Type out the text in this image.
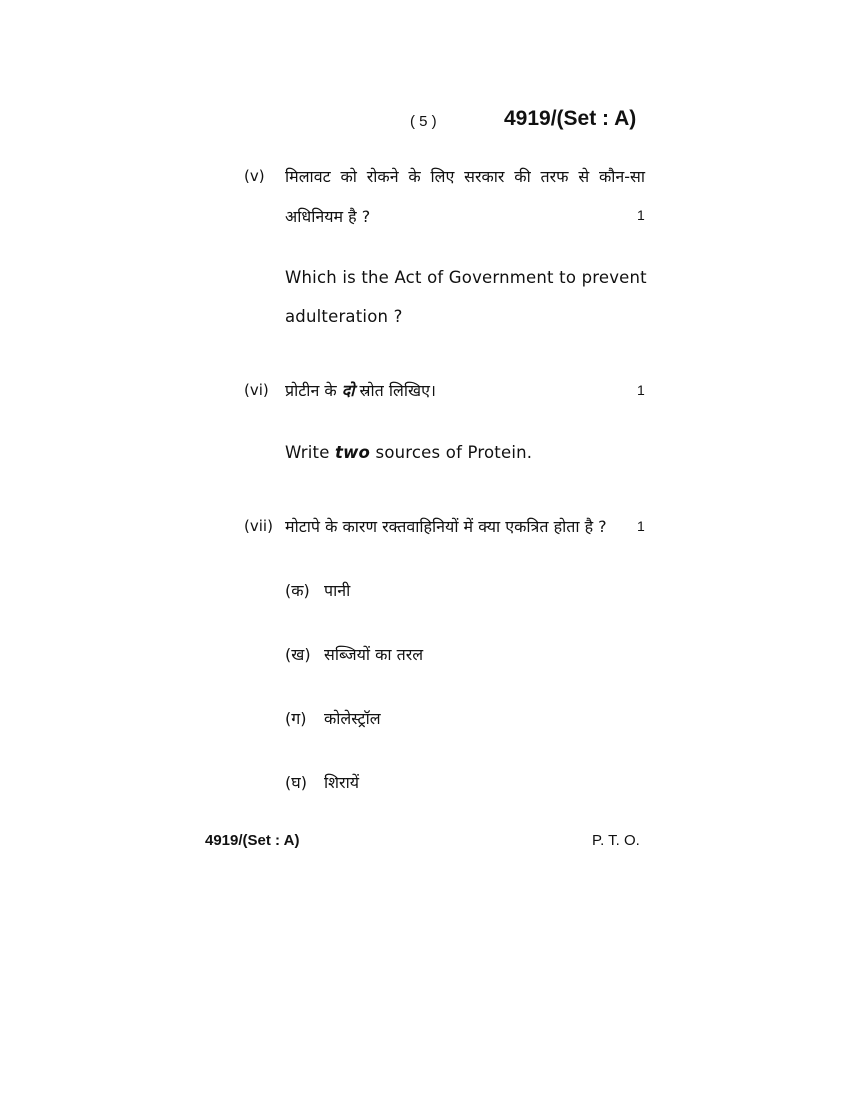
( 5 )	4919/(Set : A)
(v) मिलावट को रोकने के लिए सरकार की तरफ से कौन-सा
अधिनियम है ?	1
Which is the Act of Government to prevent
adulteration ?
(vi) प्रोटीन के दो स्रोत लिखिए।	1
Write two sources of Protein.
(vii) मोटापे के कारण रक्तवाहिनियों में क्या एकत्रित होता है ? 1
(क) पानी
(ख) सब्जियों का तरल
(ग) कोलेस्ट्रॉल
(घ) शिरायें
4919/(Set : A)	P. T. O.
